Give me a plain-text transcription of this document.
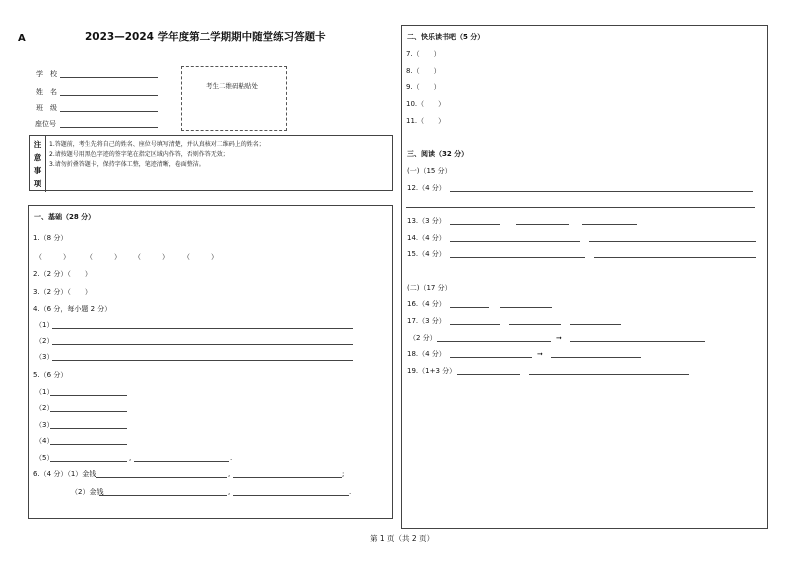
A	2023—2024 学年度第二学期期中随堂练习答题卡
学　校
姓　名
班　级
座位号
考生二维码粘贴处
注
意
事
项
1.答题前，考生先将自己的姓名、座位号填写清楚，并认真核对二维码上的姓名；
2.请按题号用黑色字迹的签字笔在指定区域内作答，否则作答无效；
3.请勿折叠答题卡，保持字体工整，笔迹清晰，卷面整洁。
一、基础（28 分）
1.（8 分）
（　　　） （　　　） （　　　） （　　　）
2.（2 分）（　　）
3.（2 分）（　　）
4.（6 分，每小题 2 分）
（1）
（2）
（3）
5.（6 分）
（1）
（2）
（3）
（4）
（5）	,	.
6.（4 分）（1）金钱	,	;
（2）金钱	,	.
二、快乐读书吧（5 分）
7.（　　）
8.（　　）
9.（　　）
10.（　　）
11.（　　）
三、阅读（32 分）
(一)（15 分）
12.（4 分）
13.（3 分）
14.（4 分）
15.（4 分）
(二)（17 分）
16.（4 分）
17.（3 分）
（2 分）	➞
18.（4 分）	➞
19.（1+3 分）
第 1 页（共 2 页）
